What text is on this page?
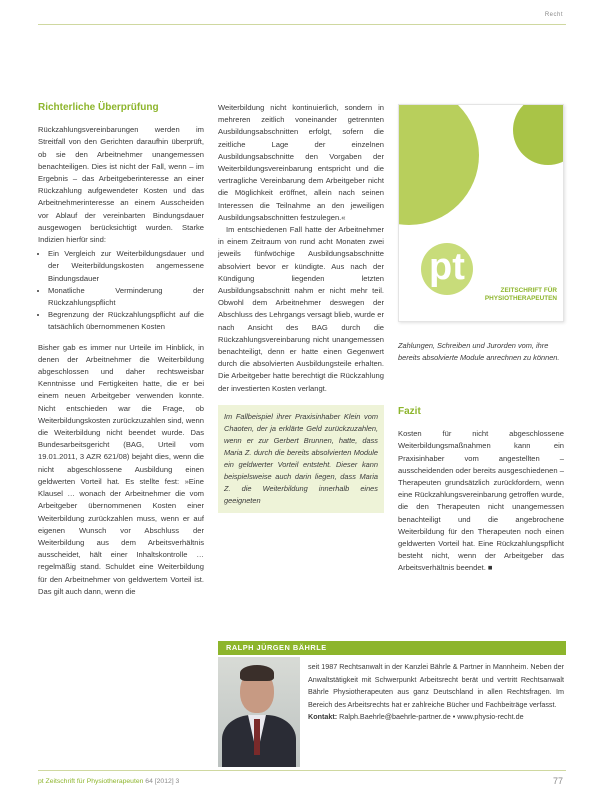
Recht
Richterliche Überprüfung

Rückzahlungsvereinbarungen werden im Streitfall von den Gerichten daraufhin überprüft, ob sie den Arbeitnehmer unangemessen benachteiligen. Dies ist nicht der Fall, wenn – im Ergebnis – das Arbeitgeberinteresse an einer Rückzahlung aufgewendeter Kosten und das Arbeitnehmerinteresse an einem Ausscheiden vor Ablauf der vereinbarten Bindungsdauer ausgewogen berücksichtigt wurden. Starke Indizien hierfür sind:

• Ein Vergleich zur Weiterbildungsdauer und der Weiterbildungskosten angemessene Bindungsdauer
• Monatliche Verminderung der Rückzahlungspflicht
• Begrenzung der Rückzahlungspflicht auf die tatsächlich übernommenen Kosten

Bisher gab es immer nur Urteile im Hinblick, in denen der Arbeitnehmer die Weiterbildung abgeschlossen und daher rechtsweisbar Kenntnisse und Fertigkeiten hatte, die er bei einem neuen Arbeitgeber verwenden konnte. Nicht entschieden war die Frage, ob Weiterbildungskosten zurückzuzahlen sind, wenn die Weiterbildung nicht beendet wurde. Das Bundesarbeitsgericht (BAG, Urteil vom 19.01.2011, 3 AZR 621/08) bejaht dies, wenn die nicht abgeschlossene Ausbildung einen geldwerten Vorteil hat. Es stellte fest: »Eine Klausel … wonach der Arbeitnehmer die vom Arbeitgeber übernommenen Kosten einer Weiterbildung zurückzahlen muss, wenn er auf eigenen Wunsch vor Abschluss der Weiterbildung aus dem Arbeitsverhältnis ausscheidet, hält einer Inhaltskontrolle … regelmäßig stand. Schuldet eine Weiterbildung für den Arbeitnehmer von geldwertem Vorteil ist. Das gilt auch dann, wenn die

Weiterbildung nicht kontinuierlich, sondern in mehreren zeitlich voneinander getrennten Ausbildungsabschnitten erfolgt, sofern die zeitliche Lage der einzelnen Ausbildungsabschnitte den Vorgaben der Weiterbildungsvereinbarung entspricht und die vertragliche Vereinbarung dem Arbeitgeber nicht die Möglichkeit eröffnet, allein nach seinen Interessen die Teilnahme an den jeweiligen Ausbildungsabschnitten festzulegen.«

Im entschiedenen Fall hatte der Arbeitnehmer in einem Zeitraum von rund acht Monaten zwei jeweils fünfwöchige Ausbildungsabschnitte absolviert bevor er kündigte. Aus nach der Kündigung liegenden letzten Ausbildungsabschnitt nahm er nicht mehr teil. Obwohl dem Arbeitnehmer deswegen der Abschluss des Lehrgangs versagt blieb, wurde er nach Ansicht des BAG durch die Rückzahlungsvereinbarung nicht unangemessen benachteiligt, denn er hatte einen Gegenwert durch die absolvierten Ausbildungsteile erhalten. Die Arbeitgeber hatte berechtigt die Rückzahlung der investierten Kosten verlangt.

Im Fallbeispiel ihrer Praxisinhaber Klein vom Chaoten, der ja erklärte Geld zurückzuzahlen, wenn er zur Gerbert Brunnen, hatte, dass Maria Z. durch die bereits absolvierten Module ein geldwerter Vorteil entsteht. Dieser kann beispielsweise auch darin liegen, dass Maria Z. die Weiterbildung innerhalb eines geeigneten
pt
ZEITSCHRIFT FÜR PHYSIOTHERAPEUTEN
Zahlungen, Schreiben und Jurorden vom, ihre bereits absolvierte Module anrechnen zu können.
Fazit

Kosten für nicht abgeschlossene Weiterbildungsmaßnahmen kann ein Praxisinhaber vom angestellten – ausscheidenden oder bereits ausgeschiedenen – Therapeuten grundsätzlich zurückfordern, wenn eine Rückzahlungsvereinbarung getroffen wurde, die den Therapeuten nicht unangemessen benachteiligt und die angebrochene Weiterbildung für den Therapeuten noch einen geldwerten Vorteil hat. Eine Rückzahlungspflicht besteht nicht, wenn der Arbeitgeber das Arbeitsverhältnis beendet. ■

RALPH JÜRGEN BÄHRLE
seit 1987 Rechtsanwalt in der Kanzlei Bährle & Partner in Mannheim. Neben der Anwaltstätigkeit mit Schwerpunkt Arbeitsrecht berät und vertritt Rechtsanwalt Bährle Physiotherapeuten aus ganz Deutschland in allen Rechtsfragen. Im Bereich des Arbeitsrechts hat er zahlreiche Bücher und Fachbeiträge verfasst.
Kontakt: Ralph.Baehrle@baehrle-partner.de • www.physio-recht.de
pt Zeitschrift für Physiotherapeuten 64 [2012] 3	77
